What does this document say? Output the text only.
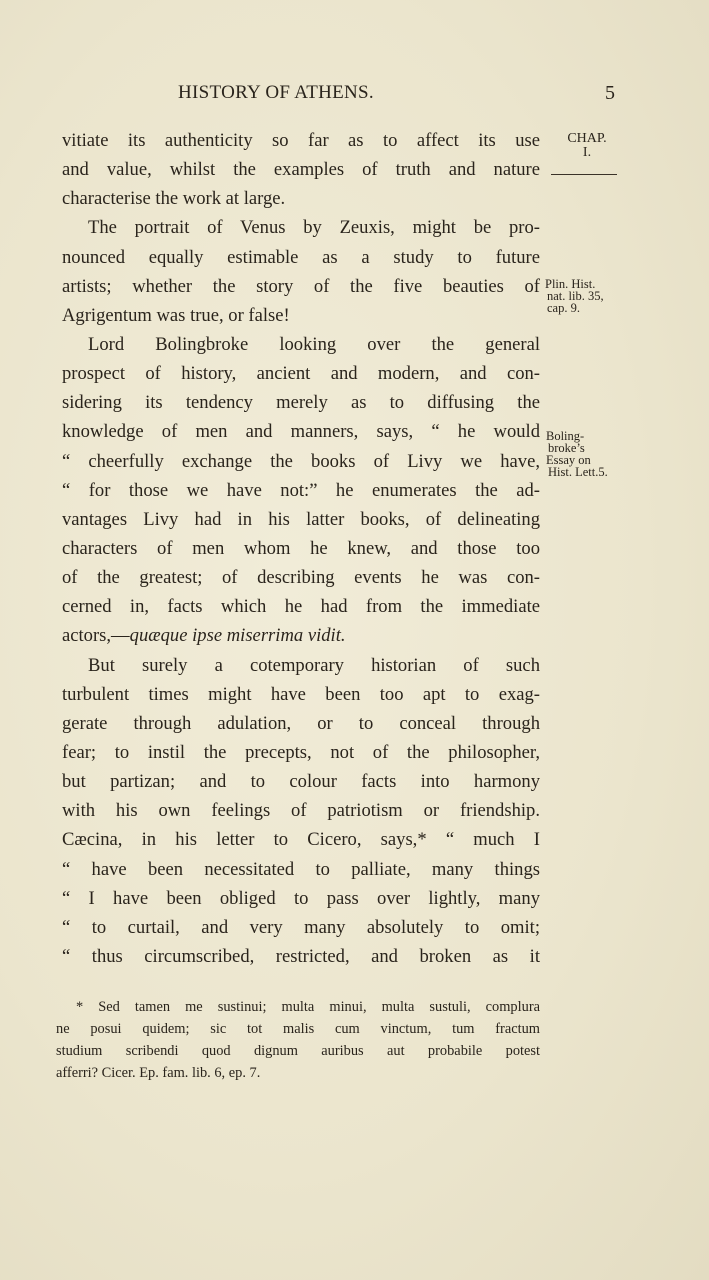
HISTORY OF ATHENS.	5
vitiate its authenticity so far as to affect its use
and value, whilst the examples of truth and nature
characterise the work at large.
The portrait of Venus by Zeuxis, might be pro-
nounced equally estimable as a study to future
artists; whether the story of the five beauties of
Agrigentum was true, or false!
Lord Bolingbroke looking over the general
prospect of history, ancient and modern, and con-
sidering its tendency merely as to diffusing the
knowledge of men and manners, says, “ he would
“ cheerfully exchange the books of Livy we have,
“ for those we have not:” he enumerates the ad-
vantages Livy had in his latter books, of delineating
characters of men whom he knew, and those too
of the greatest; of describing events he was con-
cerned in, facts which he had from the immediate
actors,—quæque ipse miserrima vidit.
But surely a cotemporary historian of such
turbulent times might have been too apt to exag-
gerate through adulation, or to conceal through
fear; to instil the precepts, not of the philosopher,
but partizan; and to colour facts into harmony
with his own feelings of patriotism or friendship.
Cæcina, in his letter to Cicero, says,* “ much I
“ have been necessitated to palliate, many things
“ I have been obliged to pass over lightly, many
“ to curtail, and very many absolutely to omit;
“ thus circumscribed, restricted, and broken as it
CHAP.
I.
Plin. Hist.
nat. lib. 35,
cap. 9.
Boling-
broke’s
Essay on
Hist. Lett.5.
* Sed tamen me sustinui; multa minui, multa sustuli, complura
ne posui quidem; sic tot malis cum vinctum, tum fractum
studium scribendi quod dignum auribus aut probabile potest
afferri? Cicer. Ep. fam. lib. 6, ep. 7.
